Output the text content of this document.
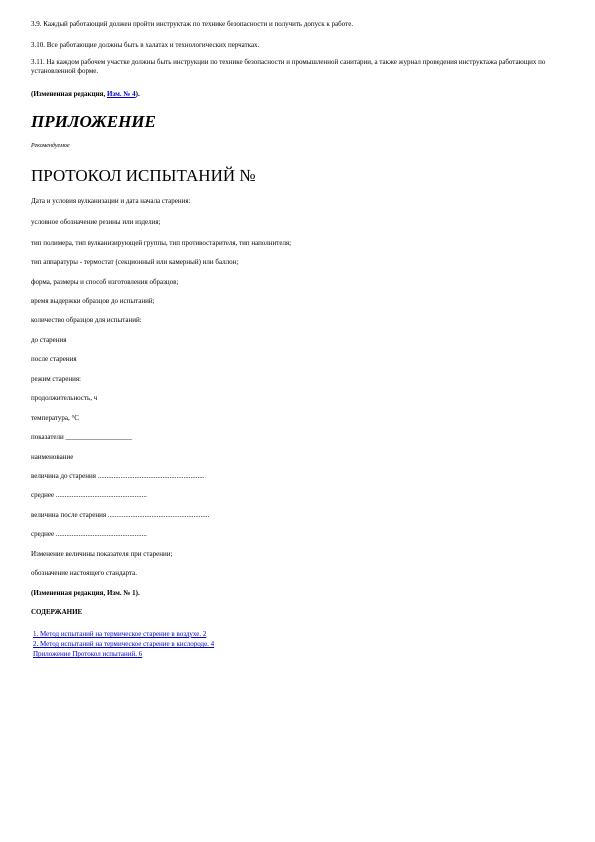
3.9. Каждый работающий должен пройти инструктаж по технике безопасности и получить допуск к работе.
3.10. Все работающие должны быть в халатах и технологических перчатках.
3.11. На каждом рабочем участке должны быть инструкции по технике безопасности и промышленной санитарии, а также журнал проведения инструктажа работающих по установленной форме.
(Измененная редакция, Изм. № 4).
ПРИЛОЖЕНИЕ
Рекомендуемое
ПРОТОКОЛ ИСПЫТАНИЙ №
Дата и условия вулканизации и дата начала старения:
условное обозначение резины или изделия;
тип полимера, тип вулканизирующей группы, тип противостарителя, тип наполнителя;
тип аппаратуры - термостат (секционный или камерный) или баллон;
форма, размеры и способ изготовления образцов;
время выдержки образцов до испытаний;
количество образцов для испытаний:
до старения
после старения
режим старения:
продолжительность, ч
температура, °С
показатели ___________________
наименование
величина до старения .............................................................
среднее ....................................................
величина после старения ..........................................................
среднее ....................................................
Изменение величины показателя при старении;
обозначение настоящего стандарта.
(Измененная редакция, Изм. № 1).
СОДЕРЖАНИЕ
1. Метод испытаний на термическое старение в воздухе. 2
2. Метод испытаний на термическое старение в кислороде. 4
Приложение Протокол испытаний. 6
